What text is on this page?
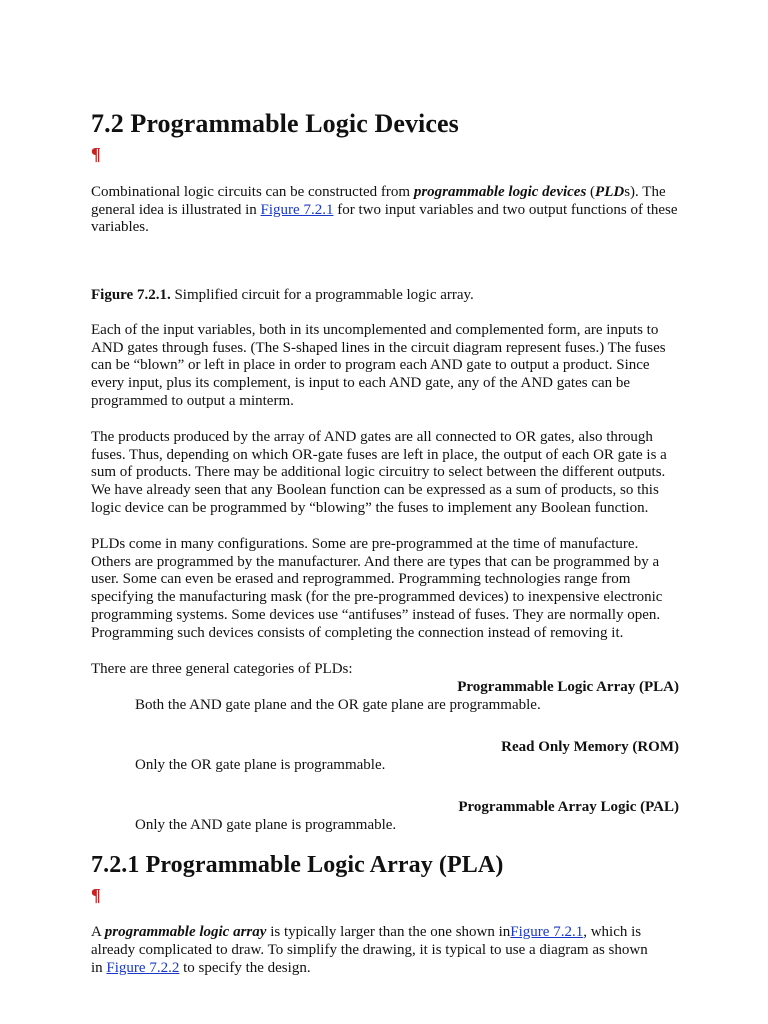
7.2 Programmable Logic Devices
¶

Combinational logic circuits can be constructed from programmable logic devices (PLDs). The general idea is illustrated in Figure 7.2.1 for two input variables and two output functions of these variables.

Figure 7.2.1. Simplified circuit for a programmable logic array.

Each of the input variables, both in its uncomplemented and complemented form, are inputs to
AND gates through fuses. (The S-shaped lines in the circuit diagram represent fuses.) The fuses
can be “blown” or left in place in order to program each AND gate to output a product. Since
every input, plus its complement, is input to each AND gate, any of the AND gates can be
programmed to output a minterm.

The products produced by the array of AND gates are all connected to OR gates, also through
fuses. Thus, depending on which OR-gate fuses are left in place, the output of each OR gate is a
sum of products. There may be additional logic circuitry to select between the different outputs.
We have already seen that any Boolean function can be expressed as a sum of products, so this
logic device can be programmed by “blowing” the fuses to implement any Boolean function.

PLDs come in many configurations. Some are pre-programmed at the time of manufacture.
Others are programmed by the manufacturer. And there are types that can be programmed by a
user. Some can even be erased and reprogrammed. Programming technologies range from
specifying the manufacturing mask (for the pre-programmed devices) to inexpensive electronic
programming systems. Some devices use “antifuses” instead of fuses. They are normally open.
Programming such devices consists of completing the connection instead of removing it.

There are three general categories of PLDs:

Programmable Logic Array (PLA)
Both the AND gate plane and the OR gate plane are programmable.
Read Only Memory (ROM)
Only the OR gate plane is programmable.
Programmable Array Logic (PAL)
Only the AND gate plane is programmable.
7.2.1 Programmable Logic Array (PLA)
¶

A programmable logic array is typically larger than the one shown inFigure 7.2.1, which is
already complicated to draw. To simplify the drawing, it is typical to use a diagram as shown
in Figure 7.2.2 to specify the design.
